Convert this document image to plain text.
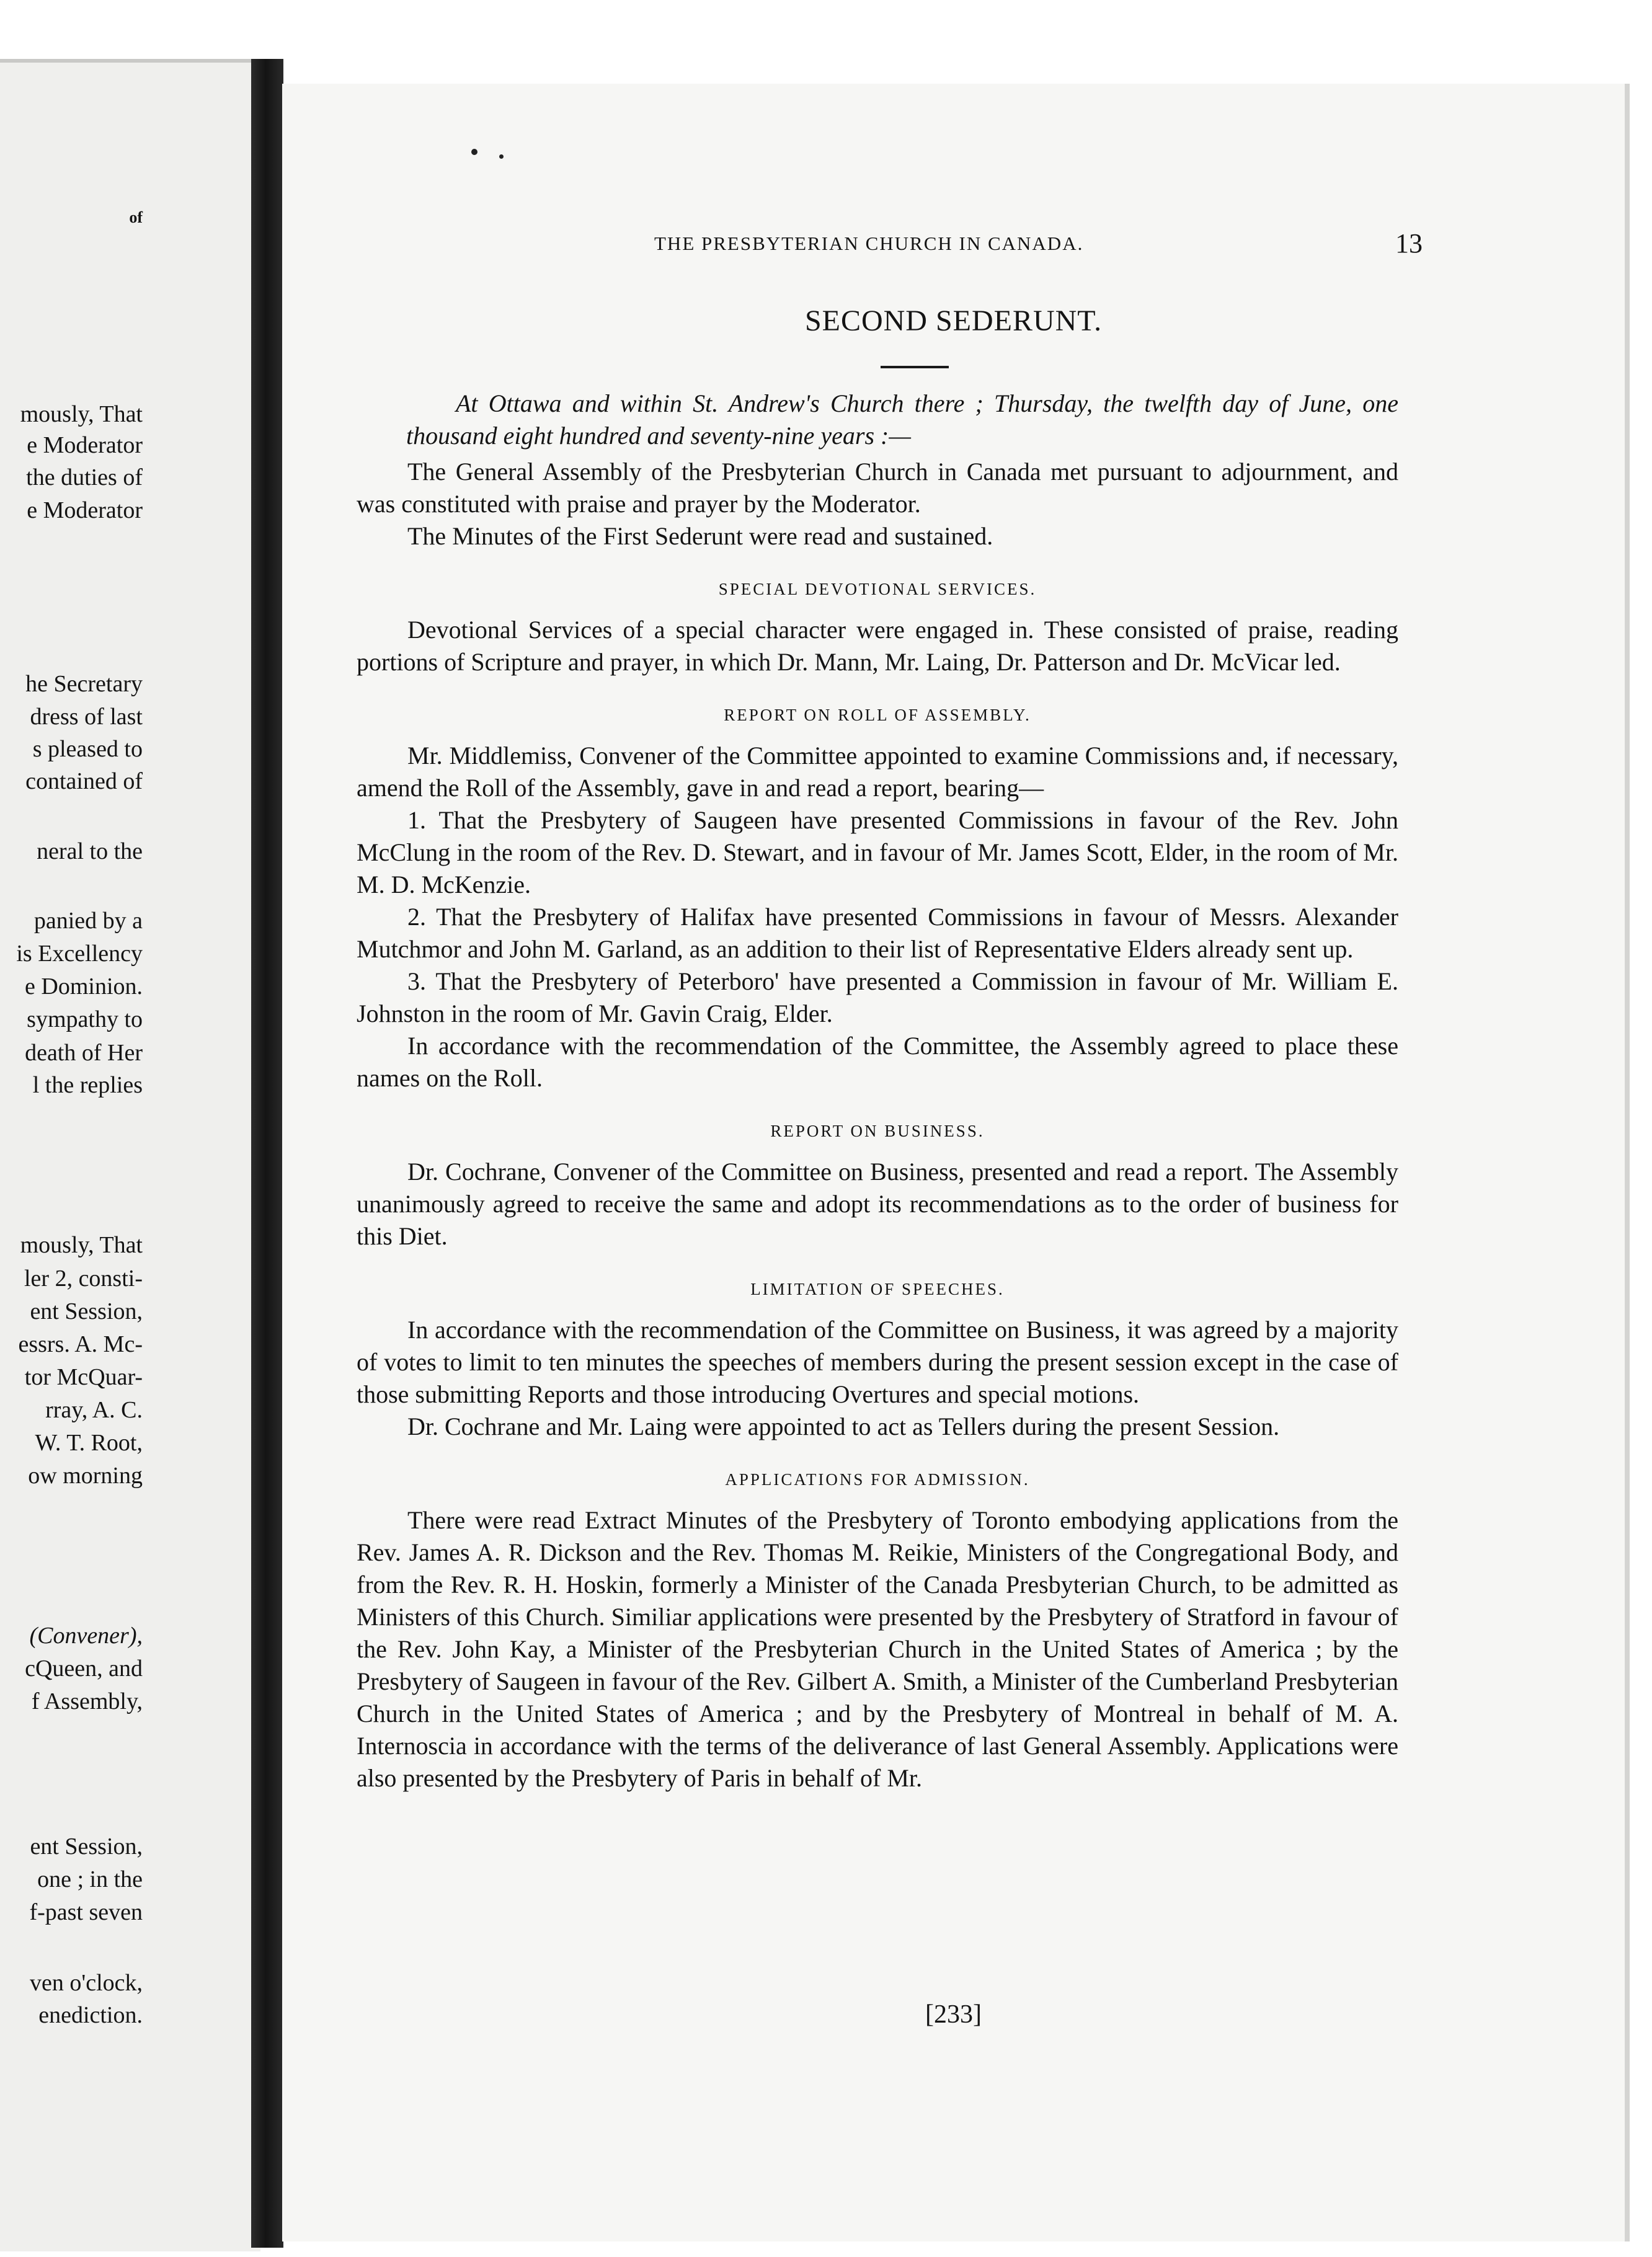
of
mously, That
e Moderator
the duties of
e Moderator
he Secretary
dress of last
s pleased to
contained of
neral to the
panied by a
is Excellency
e Dominion.
sympathy to
death of Her
l the replies
mously, That
ler 2, consti-
ent Session,
essrs. A. Mc-
tor McQuar-
rray, A. C.
W. T. Root,
ow morning
(Convener),
cQueen, and
f Assembly,
ent Session,
one ; in the
f-past seven
ven o'clock,
enediction.
THE PRESBYTERIAN CHURCH IN CANADA.	13
SECOND SEDERUNT.

At Ottawa and within St. Andrew's Church there ; Thursday, the twelfth day of June, one thousand eight hundred and seventy-nine years :—

The General Assembly of the Presbyterian Church in Canada met pursuant to adjournment, and was constituted with praise and prayer by the Moderator.

The Minutes of the First Sederunt were read and sustained.

SPECIAL DEVOTIONAL SERVICES.

Devotional Services of a special character were engaged in. These consisted of praise, reading portions of Scripture and prayer, in which Dr. Mann, Mr. Laing, Dr. Patterson and Dr. McVicar led.

REPORT ON ROLL OF ASSEMBLY.

Mr. Middlemiss, Convener of the Committee appointed to examine Commissions and, if necessary, amend the Roll of the Assembly, gave in and read a report, bearing—

1. That the Presbytery of Saugeen have presented Commissions in favour of the Rev. John McClung in the room of the Rev. D. Stewart, and in favour of Mr. James Scott, Elder, in the room of Mr. M. D. McKenzie.

2. That the Presbytery of Halifax have presented Commissions in favour of Messrs. Alexander Mutchmor and John M. Garland, as an addition to their list of Representative Elders already sent up.

3. That the Presbytery of Peterboro' have presented a Commission in favour of Mr. William E. Johnston in the room of Mr. Gavin Craig, Elder.

In accordance with the recommendation of the Committee, the Assembly agreed to place these names on the Roll.

REPORT ON BUSINESS.

Dr. Cochrane, Convener of the Committee on Business, presented and read a report. The Assembly unanimously agreed to receive the same and adopt its recommendations as to the order of business for this Diet.

LIMITATION OF SPEECHES.

In accordance with the recommendation of the Committee on Business, it was agreed by a majority of votes to limit to ten minutes the speeches of members during the present session except in the case of those submitting Reports and those introducing Overtures and special motions.

Dr. Cochrane and Mr. Laing were appointed to act as Tellers during the present Session.

APPLICATIONS FOR ADMISSION.

There were read Extract Minutes of the Presbytery of Toronto embodying applications from the Rev. James A. R. Dickson and the Rev. Thomas M. Reikie, Ministers of the Congregational Body, and from the Rev. R. H. Hoskin, formerly a Minister of the Canada Presbyterian Church, to be admitted as Ministers of this Church. Similiar applications were presented by the Presbytery of Stratford in favour of the Rev. John Kay, a Minister of the Presbyterian Church in the United States of America ; by the Presbytery of Saugeen in favour of the Rev. Gilbert A. Smith, a Minister of the Cumberland Presbyterian Church in the United States of America ; and by the Presbytery of Montreal in behalf of M. A. Internoscia in accordance with the terms of the deliverance of last General Assembly. Applications were also presented by the Presbytery of Paris in behalf of Mr.

[233]
